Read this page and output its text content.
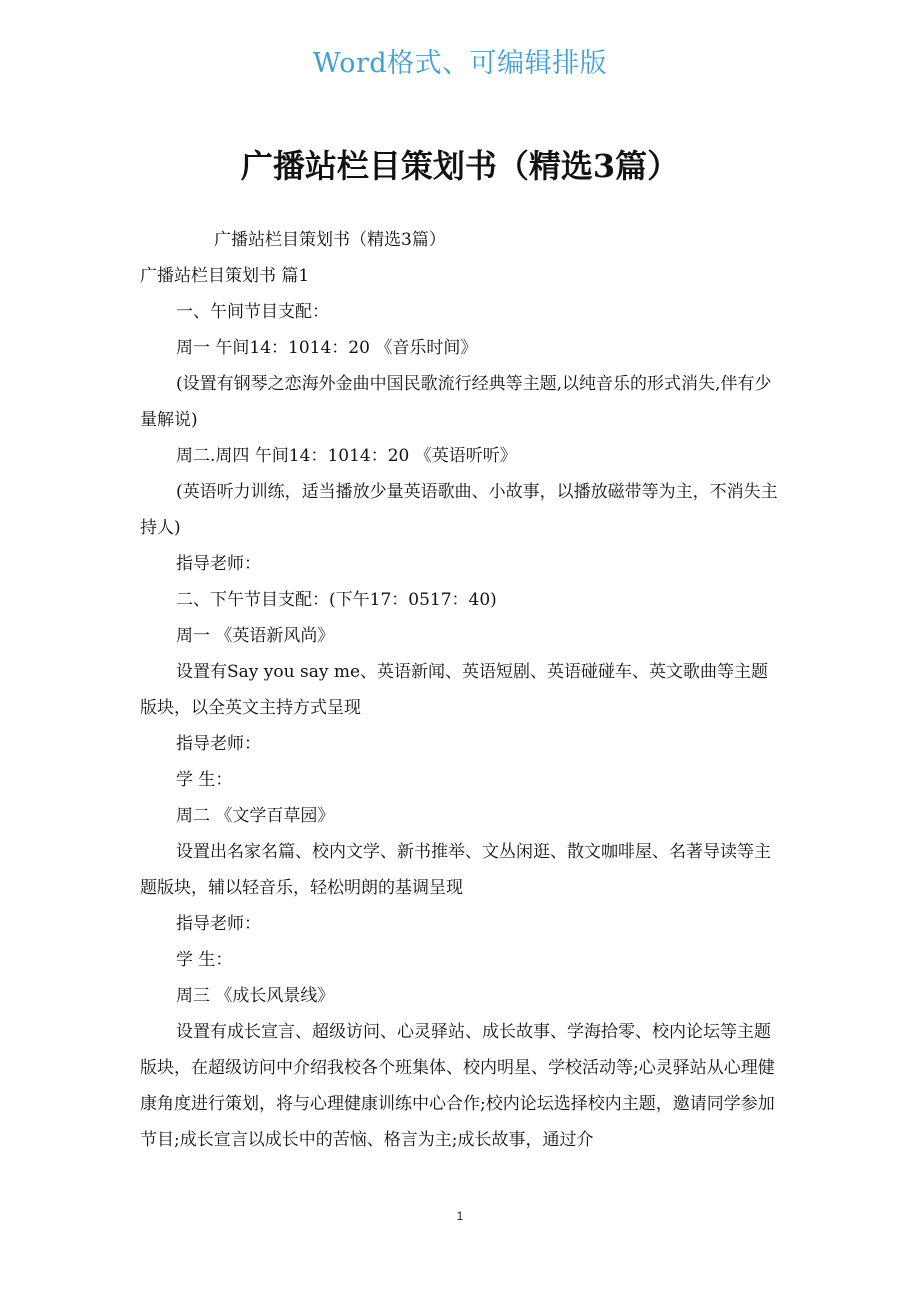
Word格式、可编辑排版
广播站栏目策划书（精选3篇）

广播站栏目策划书（精选3篇）

广播站栏目策划书 篇1

一、午间节目支配：

周一 午间14：1014：20 《音乐时间》

(设置有钢琴之恋海外金曲中国民歌流行经典等主题,以纯音乐的形式消失,伴有少量解说)

周二.周四 午间14：1014：20 《英语听听》

(英语听力训练，适当播放少量英语歌曲、小故事，以播放磁带等为主，不消失主持人)

指导老师：

二、下午节目支配：(下午17：0517：40)

周一 《英语新风尚》

设置有Say you say me、英语新闻、英语短剧、英语碰碰车、英文歌曲等主题版块，以全英文主持方式呈现

指导老师：

学 生：

周二 《文学百草园》

设置出名家名篇、校内文学、新书推举、文丛闲逛、散文咖啡屋、名著导读等主题版块，辅以轻音乐，轻松明朗的基调呈现

指导老师：

学 生：

周三 《成长风景线》

设置有成长宣言、超级访问、心灵驿站、成长故事、学海拾零、校内论坛等主题版块，在超级访问中介绍我校各个班集体、校内明星、学校活动等;心灵驿站从心理健康角度进行策划，将与心理健康训练中心合作;校内论坛选择校内主题，邀请同学参加节目;成长宣言以成长中的苦恼、格言为主;成长故事，通过介

1
